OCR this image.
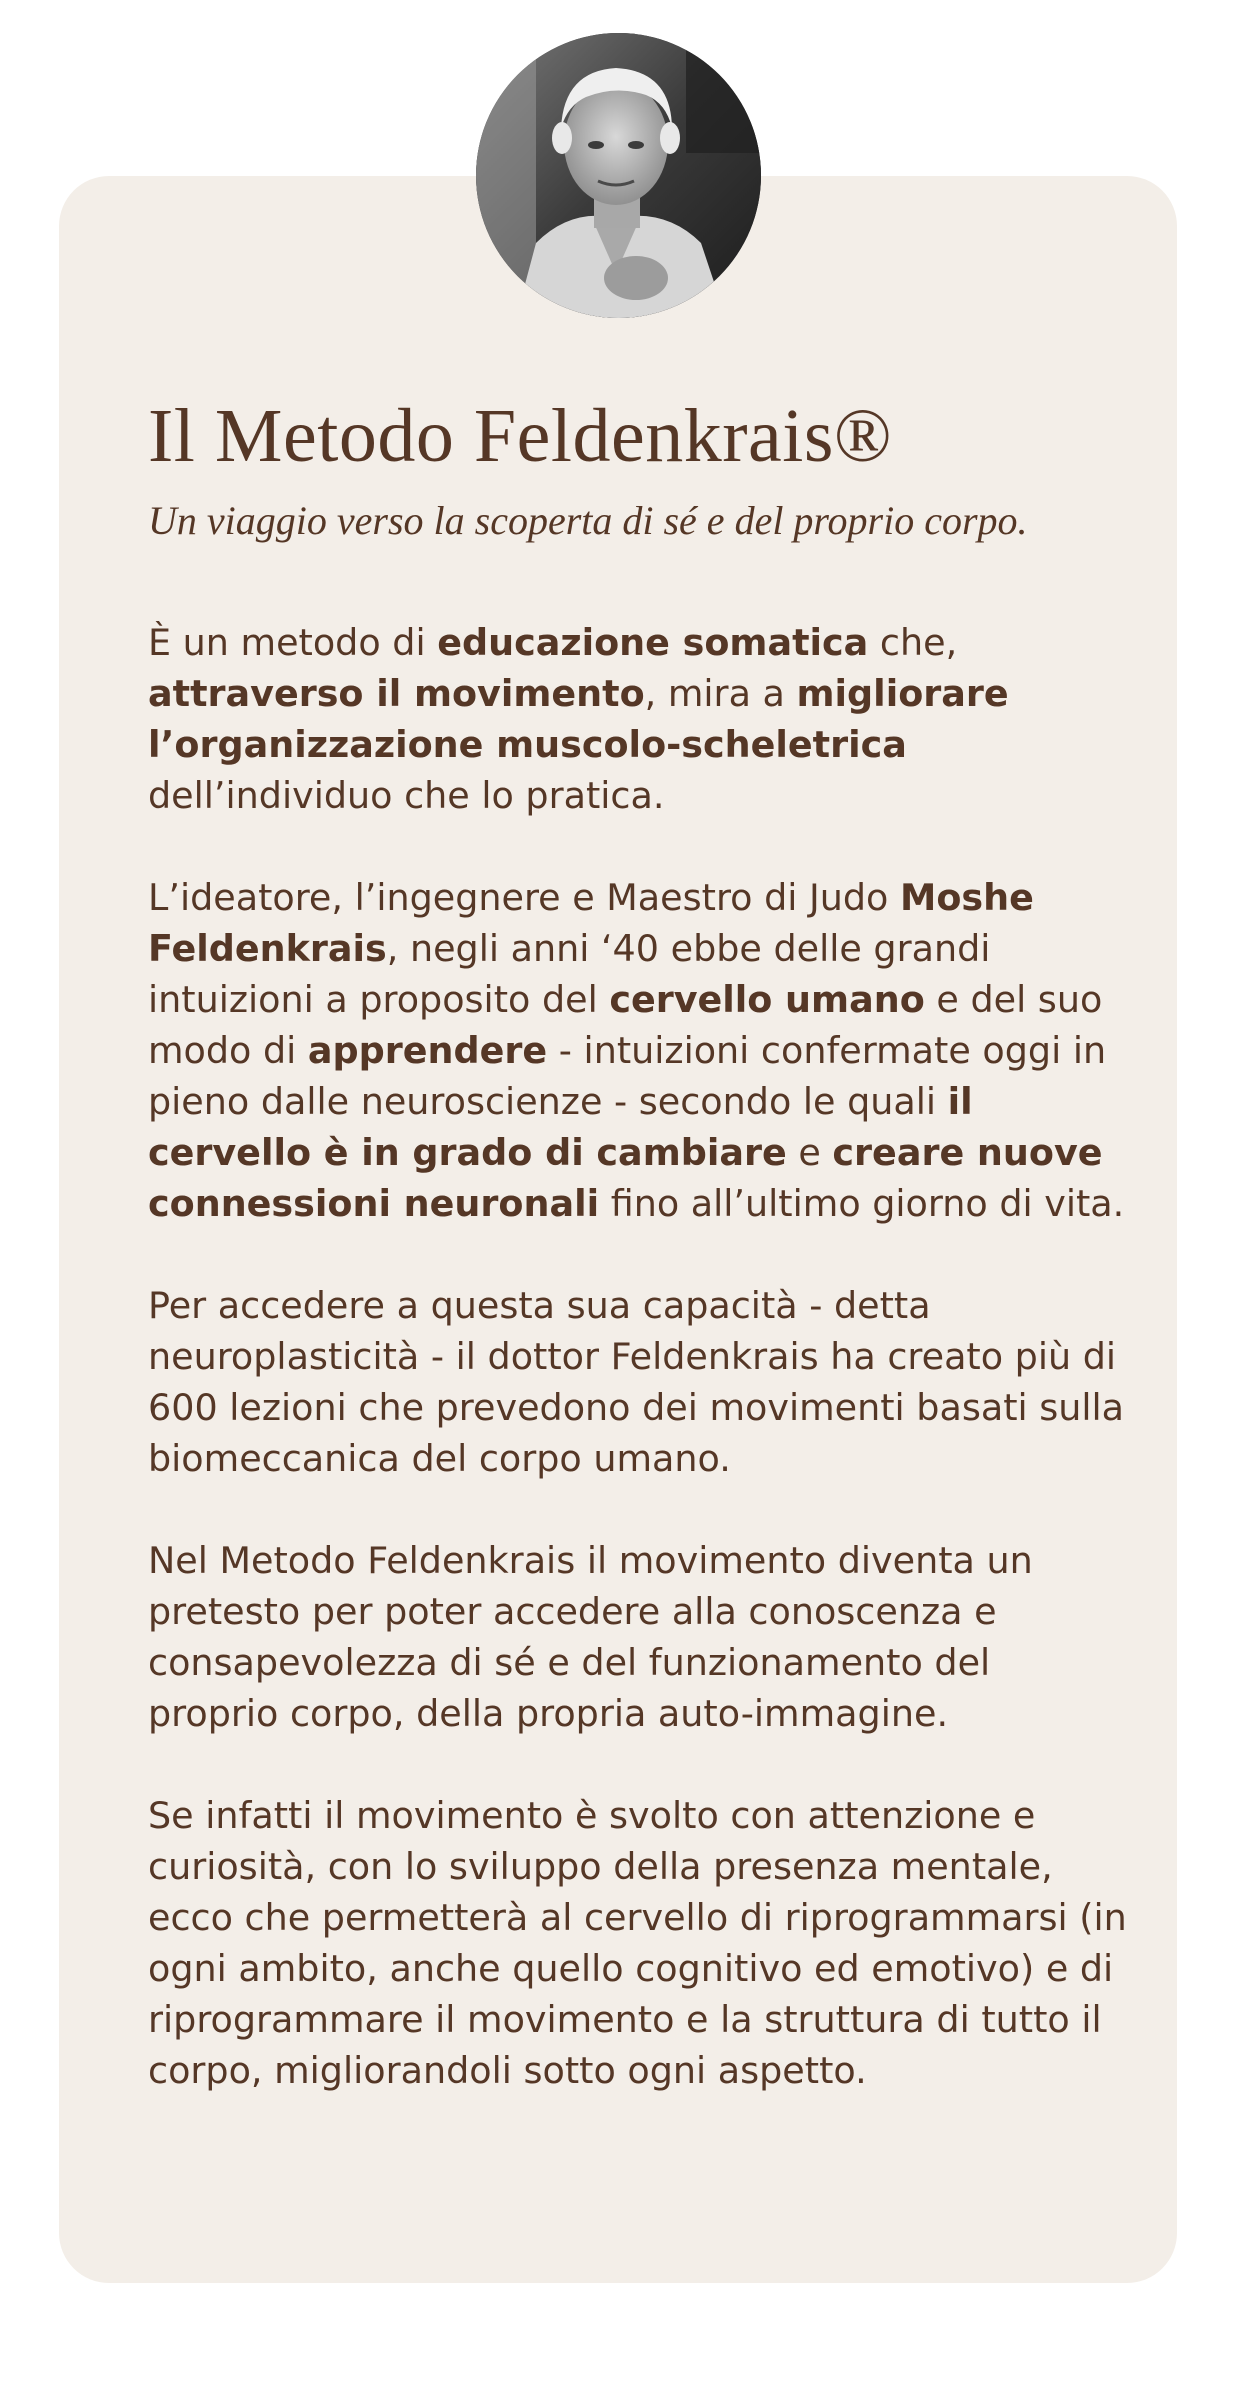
Il Metodo Feldenkrais®

Un viaggio verso la scoperta di sé e del proprio corpo.

È un metodo di educazione somatica che, attraverso il movimento, mira a migliorare l’organizzazione muscolo-scheletrica dell’individuo che lo pratica.

L’ideatore, l’ingegnere e Maestro di Judo Moshe Feldenkrais, negli anni ‘40 ebbe delle grandi intuizioni a proposito del cervello umano e del suo modo di apprendere - intuizioni confermate oggi in pieno dalle neuroscienze - secondo le quali il cervello è in grado di cambiare e creare nuove connessioni neuronali fino all’ultimo giorno di vita.

Per accedere a questa sua capacità - detta neuroplasticità - il dottor Feldenkrais ha creato più di 600 lezioni che prevedono dei movimenti basati sulla biomeccanica del corpo umano.

Nel Metodo Feldenkrais il movimento diventa un pretesto per poter accedere alla conoscenza e consapevolezza di sé e del funzionamento del proprio corpo, della propria auto-immagine.

Se infatti il movimento è svolto con attenzione e curiosità, con lo sviluppo della presenza mentale, ecco che permetterà al cervello di riprogrammarsi (in ogni ambito, anche quello cognitivo ed emotivo) e di riprogrammare il movimento e la struttura di tutto il corpo, migliorandoli sotto ogni aspetto.
